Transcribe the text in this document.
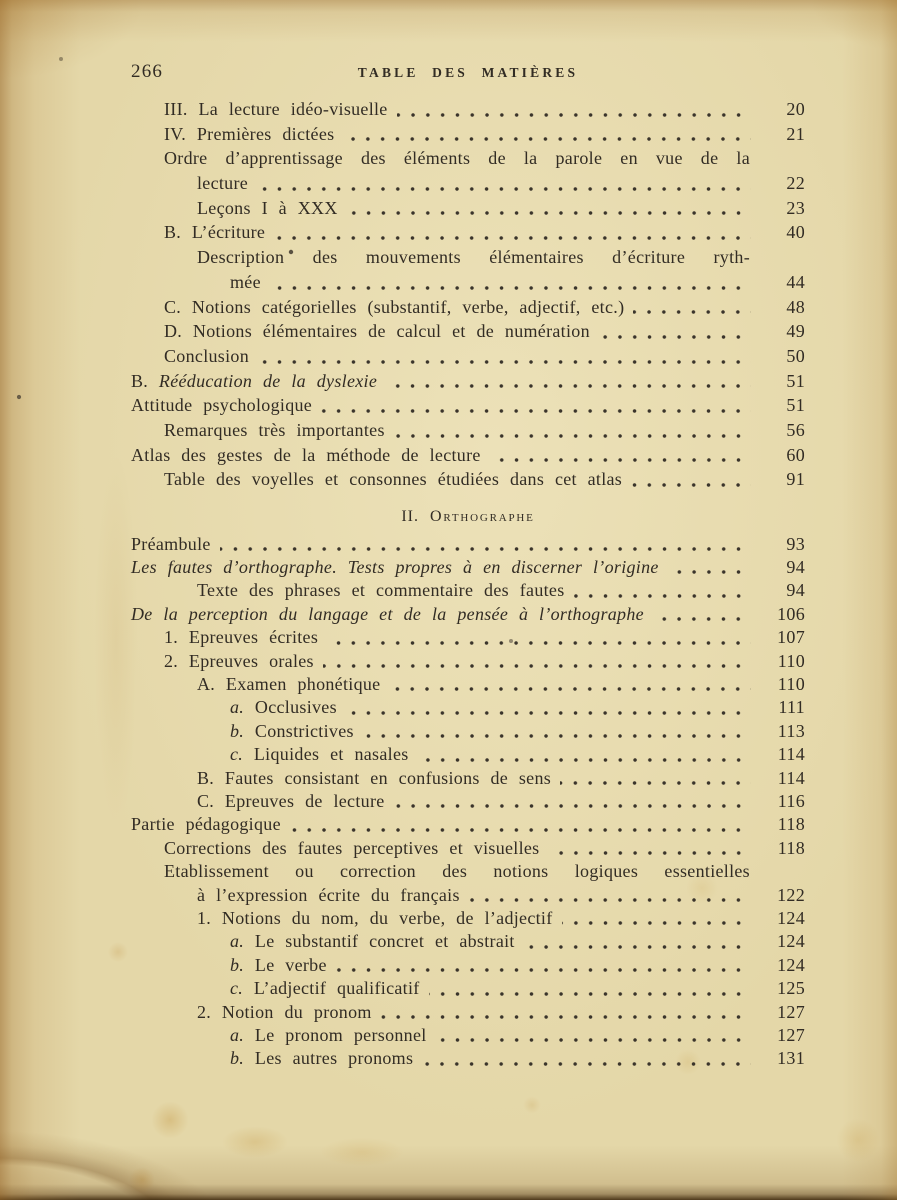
266	TABLE DES MATIÈRES
III. La lecture idéo-visuelle	20
IV. Premières dictées	21
Ordre d’apprentissage des éléments de la parole en vue de la
lecture	22
Leçons I à XXX	23
B. L’écriture	40
Description des mouvements élémentaires d’écriture ryth-
mée	44
C. Notions catégorielles (substantif, verbe, adjectif, etc.)	48
D. Notions élémentaires de calcul et de numération	49
Conclusion	50
B. Rééducation de la dyslexie	51
Attitude psychologique	51
Remarques très importantes	56
Atlas des gestes de la méthode de lecture	60
Table des voyelles et consonnes étudiées dans cet atlas	91
II. Orthographe
Préambule	93
Les fautes d’orthographe. Tests propres à en discerner l’origine	94
Texte des phrases et commentaire des fautes	94
De la perception du langage et de la pensée à l’orthographe	106
1. Epreuves écrites	107
2. Epreuves orales	110
A. Examen phonétique	110
a. Occlusives	111
b. Constrictives	113
c. Liquides et nasales	114
B. Fautes consistant en confusions de sens	114
C. Epreuves de lecture	116
Partie pédagogique	118
Corrections des fautes perceptives et visuelles	118
Etablissement ou correction des notions logiques essentielles
à l’expression écrite du français	122
1. Notions du nom, du verbe, de l’adjectif	124
a. Le substantif concret et abstrait	124
b. Le verbe	124
c. L’adjectif qualificatif	125
2. Notion du pronom	127
a. Le pronom personnel	127
b. Les autres pronoms	131
